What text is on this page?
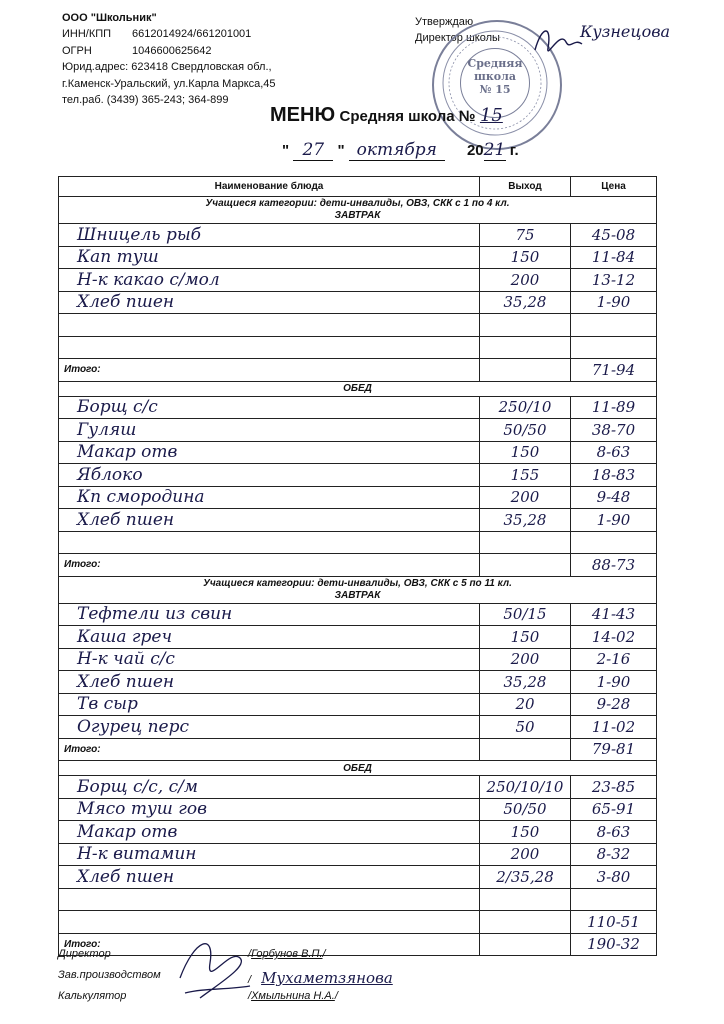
ООО "Школьник"
ИНН/КПП 6612014924/661201001
ОГРН	1046600625642
Юрид.адрес: 623418 Свердловская обл.,
г.Каменск-Уральский, ул.Карла Маркса,45
тел.раб. (3439) 365-243; 364-899
Утверждаю
Директор школы
Средняя
школа
№ 15
Кузнецова
МЕНЮ Средняя школа № 15
" 27 " октября 2021 г.
Наименование блюда	Выход	Цена

Учащиеся категории: дети-инвалиды, ОВЗ, СКК с 1 по 4 кл.
ЗАВТРАК		

Шницель рыб	75	45-08
Кап туш	150	11-84
Н-к какао с/мол	200	13-12
Хлеб пшен	35,28	1-90

Итого:		71-94
ОБЕД		
Борщ с/с	250/10	11-89
Гуляш	50/50	38-70
Макар отв	150	8-63
Яблоко	155	18-83
Кп смородина	200	9-48
Хлеб пшен	35,28	1-90

Итого:		88-73

Учащиеся категории: дети-инвалиды, ОВЗ, СКК с 5 по 11 кл.
ЗАВТРАК		

Тефтели из свин	50/15	41-43
Каша греч	150	14-02
Н-к чай с/с	200	2-16
Хлеб пшен	35,28	1-90
Тв сыр	20	9-28
Огурец перс	50	11-02
Итого:		79-81
ОБЕД		
Борщ с/с, с/м	250/10/10	23-85
Мясо туш гов	50/50	65-91
Макар отв	150	8-63
Н-к витамин	200	8-32
Хлеб пшен	2/35,28	3-80

		110-51
Итого:		190-32
Директор	/Горбунов В.П./
Зав.производством	/ Мухаметзянова
Калькулятор	/Хмыльнина Н.А./
